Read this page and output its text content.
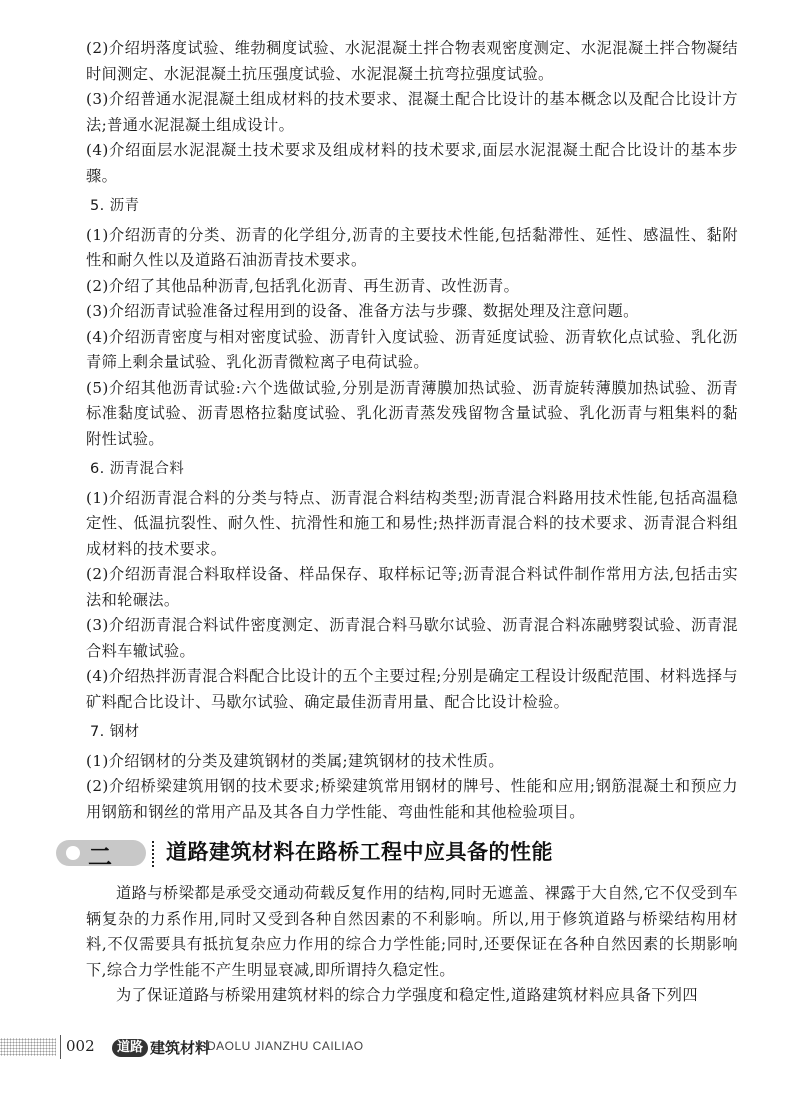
(2)介绍坍落度试验、维勃稠度试验、水泥混凝土拌合物表观密度测定、水泥混凝土拌合物凝结时间测定、水泥混凝土抗压强度试验、水泥混凝土抗弯拉强度试验。

(3)介绍普通水泥混凝土组成材料的技术要求、混凝土配合比设计的基本概念以及配合比设计方法;普通水泥混凝土组成设计。

(4)介绍面层水泥混凝土技术要求及组成材料的技术要求,面层水泥混凝土配合比设计的基本步骤。

5. 沥青

(1)介绍沥青的分类、沥青的化学组分,沥青的主要技术性能,包括黏滞性、延性、感温性、黏附性和耐久性以及道路石油沥青技术要求。

(2)介绍了其他品种沥青,包括乳化沥青、再生沥青、改性沥青。

(3)介绍沥青试验准备过程用到的设备、准备方法与步骤、数据处理及注意问题。

(4)介绍沥青密度与相对密度试验、沥青针入度试验、沥青延度试验、沥青软化点试验、乳化沥青筛上剩余量试验、乳化沥青微粒离子电荷试验。

(5)介绍其他沥青试验:六个选做试验,分别是沥青薄膜加热试验、沥青旋转薄膜加热试验、沥青标准黏度试验、沥青恩格拉黏度试验、乳化沥青蒸发残留物含量试验、乳化沥青与粗集料的黏附性试验。

6. 沥青混合料

(1)介绍沥青混合料的分类与特点、沥青混合料结构类型;沥青混合料路用技术性能,包括高温稳定性、低温抗裂性、耐久性、抗滑性和施工和易性;热拌沥青混合料的技术要求、沥青混合料组成材料的技术要求。

(2)介绍沥青混合料取样设备、样品保存、取样标记等;沥青混合料试件制作常用方法,包括击实法和轮碾法。

(3)介绍沥青混合料试件密度测定、沥青混合料马歇尔试验、沥青混合料冻融劈裂试验、沥青混合料车辙试验。

(4)介绍热拌沥青混合料配合比设计的五个主要过程;分别是确定工程设计级配范围、材料选择与矿料配合比设计、马歇尔试验、确定最佳沥青用量、配合比设计检验。

7. 钢材

(1)介绍钢材的分类及建筑钢材的类属;建筑钢材的技术性质。

(2)介绍桥梁建筑用钢的技术要求;桥梁建筑常用钢材的牌号、性能和应用;钢筋混凝土和预应力用钢筋和钢丝的常用产品及其各自力学性能、弯曲性能和其他检验项目。

二	道路建筑材料在路桥工程中应具备的性能

道路与桥梁都是承受交通动荷载反复作用的结构,同时无遮盖、裸露于大自然,它不仅受到车辆复杂的力系作用,同时又受到各种自然因素的不利影响。所以,用于修筑道路与桥梁结构用材料,不仅需要具有抵抗复杂应力作用的综合力学性能;同时,还要保证在各种自然因素的长期影响下,综合力学性能不产生明显衰减,即所谓持久稳定性。

为了保证道路与桥梁用建筑材料的综合力学强度和稳定性,道路建筑材料应具备下列四

002	道路 建筑材料
DAOLU JIANZHU CAILIAO
